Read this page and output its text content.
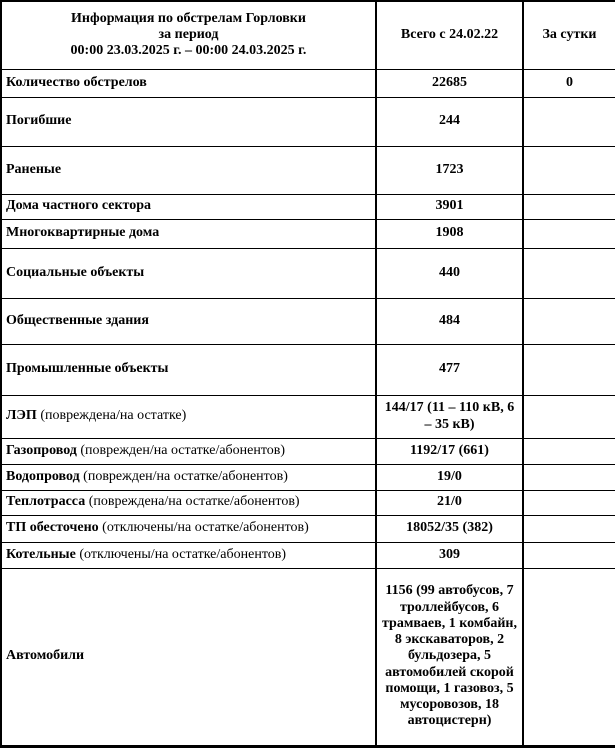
Информация по обстрелам Горловки
за период
00:00 23.03.2025 г. – 00:00 24.03.2025 г.	Всего с 24.02.22	За сутки
Количество обстрелов	22685	0
Погибшие	244	
Раненые	1723	
Дома частного сектора	3901	
Многоквартирные дома	1908	
Социальные объекты	440	
Общественные здания	484	
Промышленные объекты	477	
ЛЭП (повреждена/на остатке)	144/17 (11 – 110 кВ, 6 – 35 кВ)	
Газопровод (поврежден/на остатке/абонентов)	1192/17 (661)	
Водопровод (поврежден/на остатке/абонентов)	19/0	
Теплотрасса (повреждена/на остатке/абонентов)	21/0	
ТП обесточено (отключены/на остатке/абонентов)	18052/35 (382)	
Котельные (отключены/на остатке/абонентов)	309	
Автомобили	1156 (99 автобусов, 7 троллейбусов, 6 трамваев, 1 комбайн, 8 экскаваторов, 2 бульдозера, 5 автомобилей скорой помощи, 1 газовоз, 5 мусоровозов, 18 автоцистерн)	
